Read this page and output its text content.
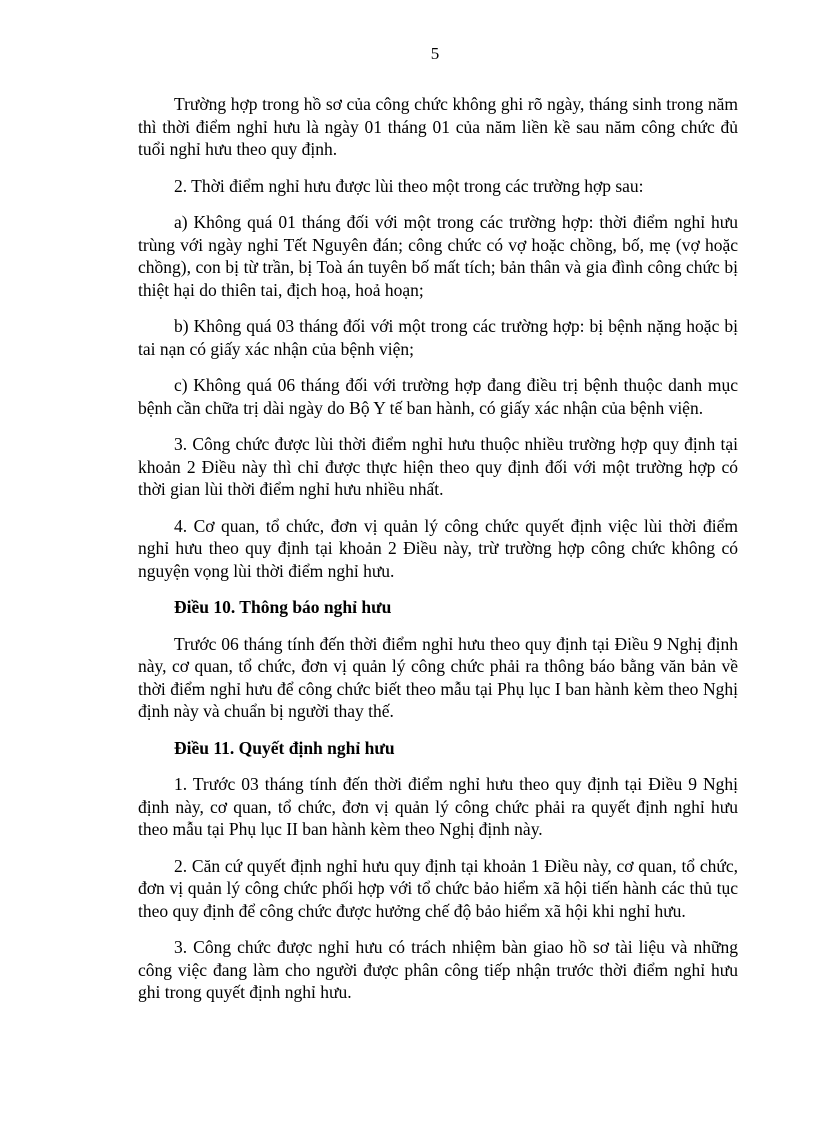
5

Trường hợp trong hồ sơ của công chức không ghi rõ ngày, tháng sinh trong năm thì thời điểm nghỉ hưu là ngày 01 tháng 01 của năm liền kề sau năm công chức đủ tuổi nghỉ hưu theo quy định.

2. Thời điểm nghỉ hưu được lùi theo một trong các trường hợp sau:

a) Không quá 01 tháng đối với một trong các trường hợp: thời điểm nghỉ hưu trùng với ngày nghỉ Tết Nguyên đán; công chức có vợ hoặc chồng, bố, mẹ (vợ hoặc chồng), con bị từ trần, bị Toà án tuyên bố mất tích; bản thân và gia đình công chức bị thiệt hại do thiên tai, địch hoạ, hoả hoạn;

b) Không quá 03 tháng đối với một trong các trường hợp: bị bệnh nặng hoặc bị tai nạn có giấy xác nhận của bệnh viện;

c) Không quá 06 tháng đối với trường hợp đang điều trị bệnh thuộc danh mục bệnh cần chữa trị dài ngày do Bộ Y tế ban hành, có giấy xác nhận của bệnh viện.

3. Công chức được lùi thời điểm nghỉ hưu thuộc nhiều trường hợp quy định tại khoản 2 Điều này thì chỉ được thực hiện theo quy định đối với một trường hợp có thời gian lùi thời điểm nghỉ hưu nhiều nhất.

4. Cơ quan, tổ chức, đơn vị quản lý công chức quyết định việc lùi thời điểm nghỉ hưu theo quy định tại khoản 2 Điều này, trừ trường hợp công chức không có nguyện vọng lùi thời điểm nghỉ hưu.

Điều 10. Thông báo nghỉ hưu

Trước 06 tháng tính đến thời điểm nghỉ hưu theo quy định tại Điều 9 Nghị định này, cơ quan, tổ chức, đơn vị quản lý công chức phải ra thông báo bằng văn bản về thời điểm nghỉ hưu để công chức biết theo mẫu tại Phụ lục I ban hành kèm theo Nghị định này và chuẩn bị người thay thế.

Điều 11. Quyết định nghỉ hưu

1. Trước 03 tháng tính đến thời điểm nghỉ hưu theo quy định tại Điều 9 Nghị định này, cơ quan, tổ chức, đơn vị quản lý công chức phải ra quyết định nghỉ hưu theo mẫu tại Phụ lục II ban hành kèm theo Nghị định này.

2. Căn cứ quyết định nghỉ hưu quy định tại khoản 1 Điều này, cơ quan, tổ chức, đơn vị quản lý công chức phối hợp với tổ chức bảo hiểm xã hội tiến hành các thủ tục theo quy định để công chức được hưởng chế độ bảo hiểm xã hội khi nghỉ hưu.

3. Công chức được nghỉ hưu có trách nhiệm bàn giao hồ sơ tài liệu và những công việc đang làm cho người được phân công tiếp nhận trước thời điểm nghỉ hưu ghi trong quyết định nghỉ hưu.
